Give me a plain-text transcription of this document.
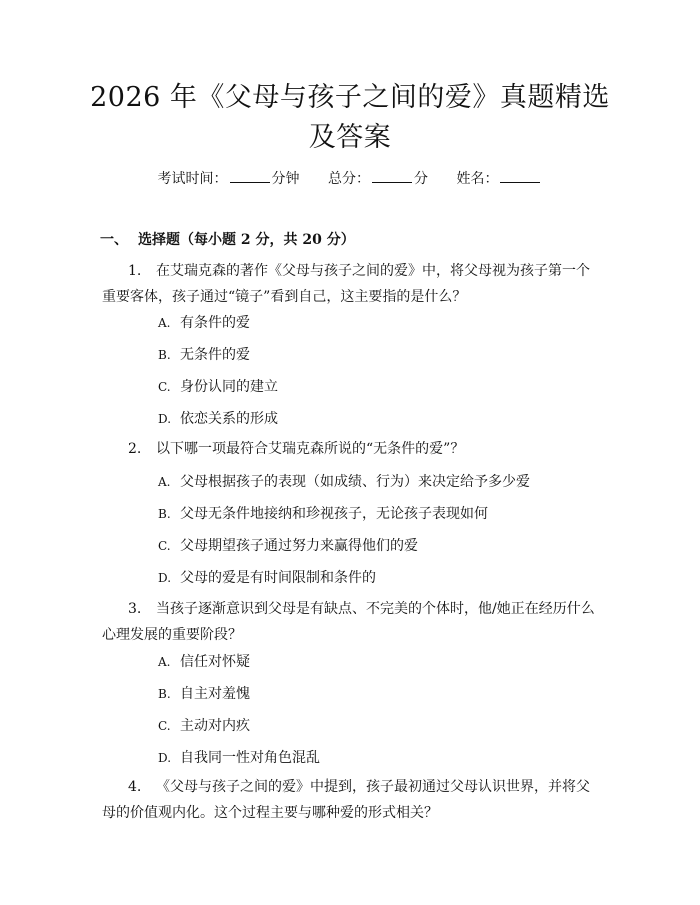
2026 年《父母与孩子之间的爱》真题精选及答案
考试时间：	分钟 总分：	分 姓名：
一、 选择题（每小题 2 分，共 20 分）

1. 在艾瑞克森的著作《父母与孩子之间的爱》中，将父母视为孩子第一个重要客体，孩子通过“镜子”看到自己，这主要指的是什么？

A. 有条件的爱
B. 无条件的爱
C. 身份认同的建立
D. 依恋关系的形成

2. 以下哪一项最符合艾瑞克森所说的“无条件的爱”？

A. 父母根据孩子的表现（如成绩、行为）来决定给予多少爱
B. 父母无条件地接纳和珍视孩子，无论孩子表现如何
C. 父母期望孩子通过努力来赢得他们的爱
D. 父母的爱是有时间限制和条件的

3. 当孩子逐渐意识到父母是有缺点、不完美的个体时，他/她正在经历什么心理发展的重要阶段？

A. 信任对怀疑
B. 自主对羞愧
C. 主动对内疚
D. 自我同一性对角色混乱

4. 《父母与孩子之间的爱》中提到，孩子最初通过父母认识世界，并将父母的价值观内化。这个过程主要与哪种爱的形式相关？
